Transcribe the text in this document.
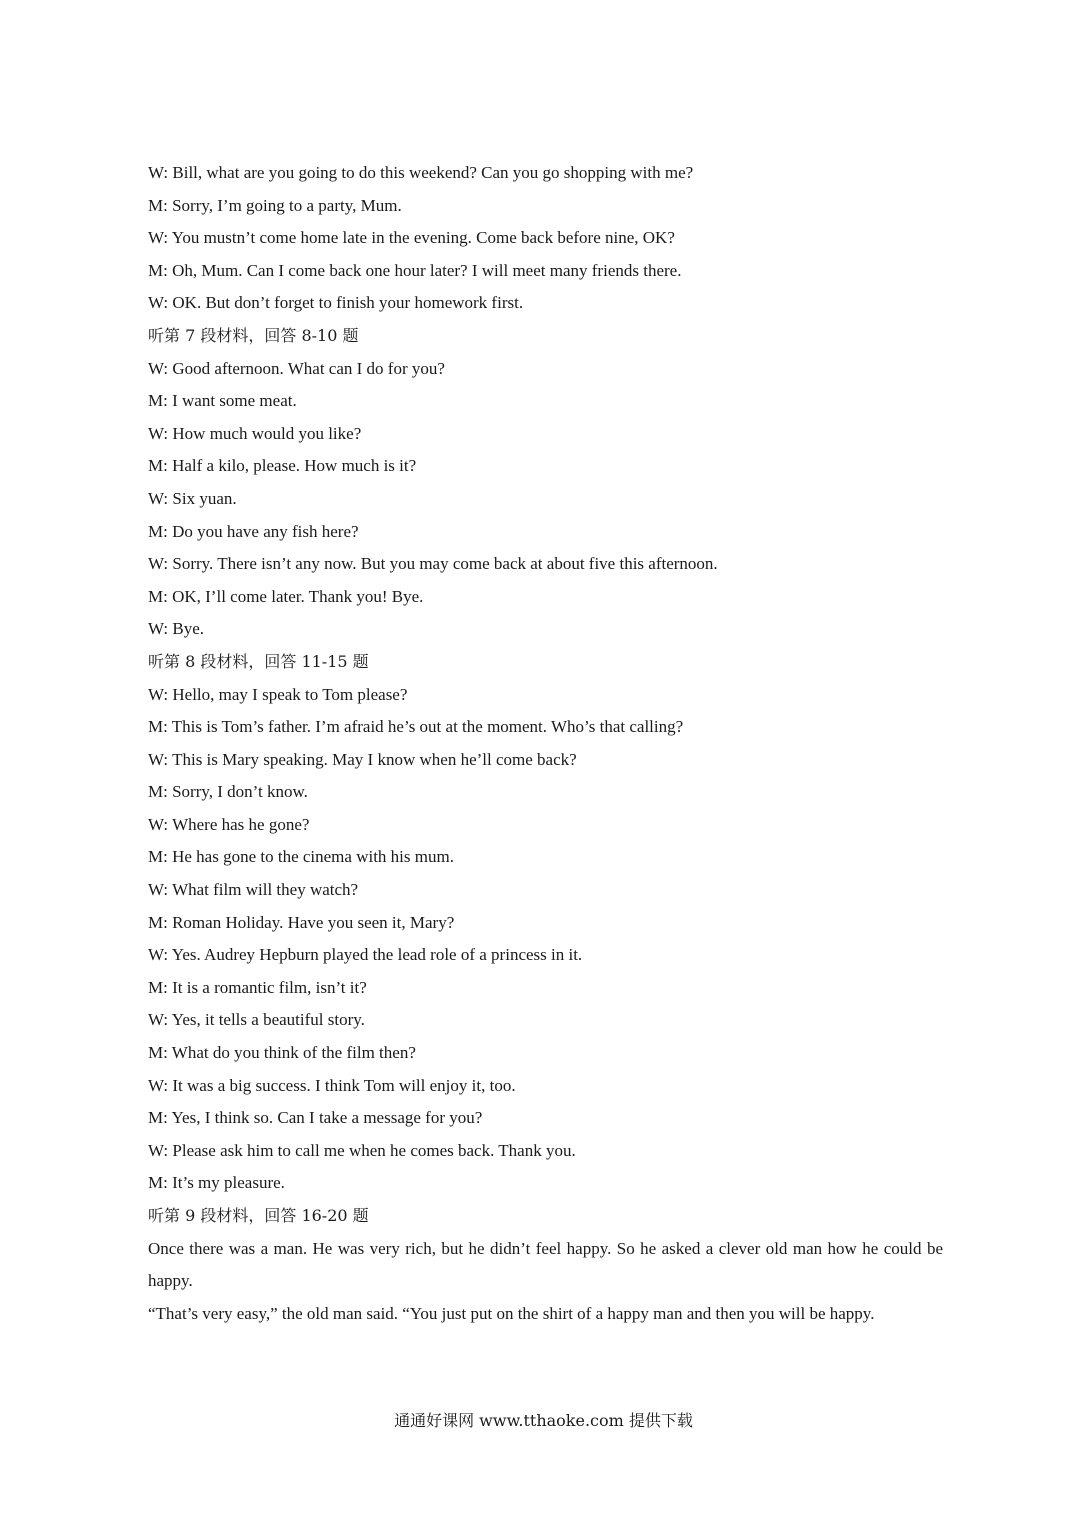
W: Bill, what are you going to do this weekend? Can you go shopping with me?
M: Sorry, I’m going to a party, Mum.
W: You mustn’t come home late in the evening. Come back before nine, OK?
M: Oh, Mum. Can I come back one hour later? I will meet many friends there.
W: OK. But don’t forget to finish your homework first.
听第 7 段材料，回答 8-10 题
W: Good afternoon. What can I do for you?
M: I want some meat.
W: How much would you like?
M: Half a kilo, please. How much is it?
W: Six yuan.
M: Do you have any fish here?
W: Sorry. There isn’t any now. But you may come back at about five this afternoon.
M: OK, I’ll come later. Thank you! Bye.
W: Bye.
听第 8 段材料，回答 11-15 题
W: Hello, may I speak to Tom please?
M: This is Tom’s father. I’m afraid he’s out at the moment. Who’s that calling?
W: This is Mary speaking. May I know when he’ll come back?
M: Sorry, I don’t know.
W: Where has he gone?
M: He has gone to the cinema with his mum.
W: What film will they watch?
M: Roman Holiday. Have you seen it, Mary?
W: Yes. Audrey Hepburn played the lead role of a princess in it.
M: It is a romantic film, isn’t it?
W: Yes, it tells a beautiful story.
M: What do you think of the film then?
W: It was a big success. I think Tom will enjoy it, too.
M: Yes, I think so. Can I take a message for you?
W: Please ask him to call me when he comes back. Thank you.
M: It’s my pleasure.
听第 9 段材料，回答 16-20 题

Once there was a man. He was very rich, but he didn’t feel happy. So he asked a clever old man how he could be happy.

“That’s very easy,” the old man said. “You just put on the shirt of a happy man and then you will be happy.

通通好课网 www.tthaoke.com 提供下载
